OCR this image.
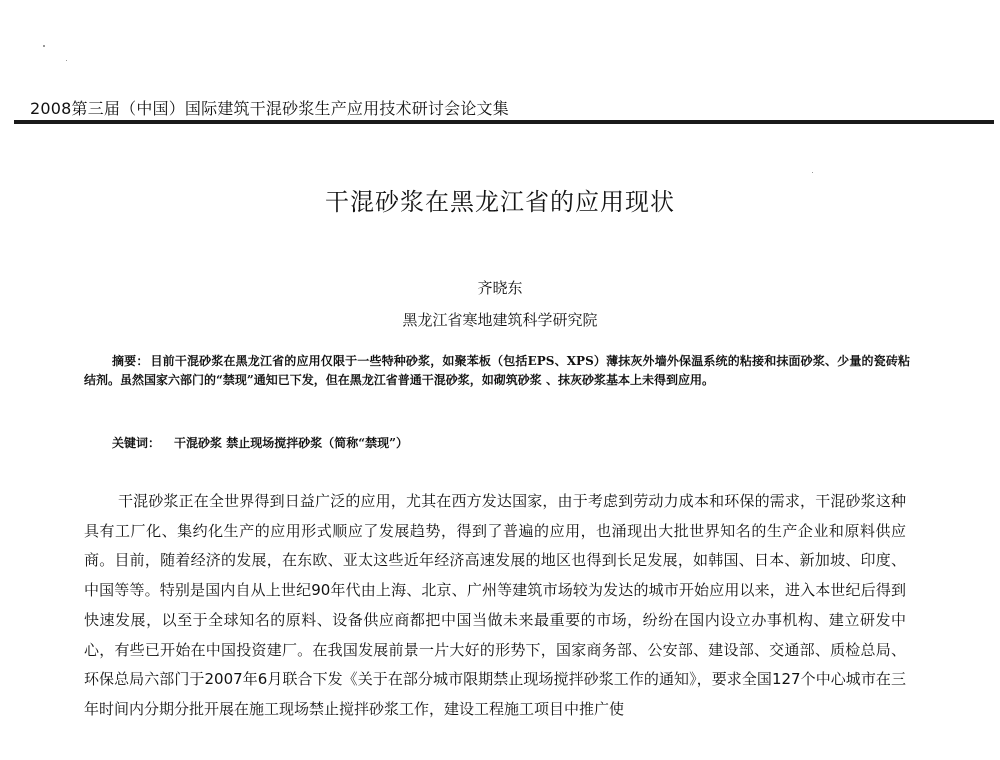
2008第三届（中国）国际建筑干混砂浆生产应用技术研讨会论文集
干混砂浆在黑龙江省的应用现状
齐晓东
黑龙江省寒地建筑科学研究院
摘要： 目前干混砂浆在黑龙江省的应用仅限于一些特种砂浆，如聚苯板（包括EPS、XPS）薄抹灰外墙外保温系统的粘接和抹面砂浆、少量的瓷砖粘结剂。虽然国家六部门的“禁现”通知已下发，但在黑龙江省普通干混砂浆，如砌筑砂浆 、抹灰砂浆基本上未得到应用。
关键词： 干混砂浆 禁止现场搅拌砂浆（简称“禁现”）
干混砂浆正在全世界得到日益广泛的应用，尤其在西方发达国家，由于考虑到劳动力成本和环保的需求，干混砂浆这种具有工厂化、集约化生产的应用形式顺应了发展趋势，得到了普遍的应用，也涌现出大批世界知名的生产企业和原料供应商。目前，随着经济的发展，在东欧、亚太这些近年经济高速发展的地区也得到长足发展，如韩国、日本、新加坡、印度、中国等等。特别是国内自从上世纪90年代由上海、北京、广州等建筑市场较为发达的城市开始应用以来，进入本世纪后得到快速发展，以至于全球知名的原料、设备供应商都把中国当做未来最重要的市场，纷纷在国内设立办事机构、建立研发中心，有些已开始在中国投资建厂。在我国发展前景一片大好的形势下，国家商务部、公安部、建设部、交通部、质检总局、环保总局六部门于2007年6月联合下发《关于在部分城市限期禁止现场搅拌砂浆工作的通知》，要求全国127个中心城市在三年时间内分期分批开展在施工现场禁止搅拌砂浆工作，建设工程施工项目中推广使
